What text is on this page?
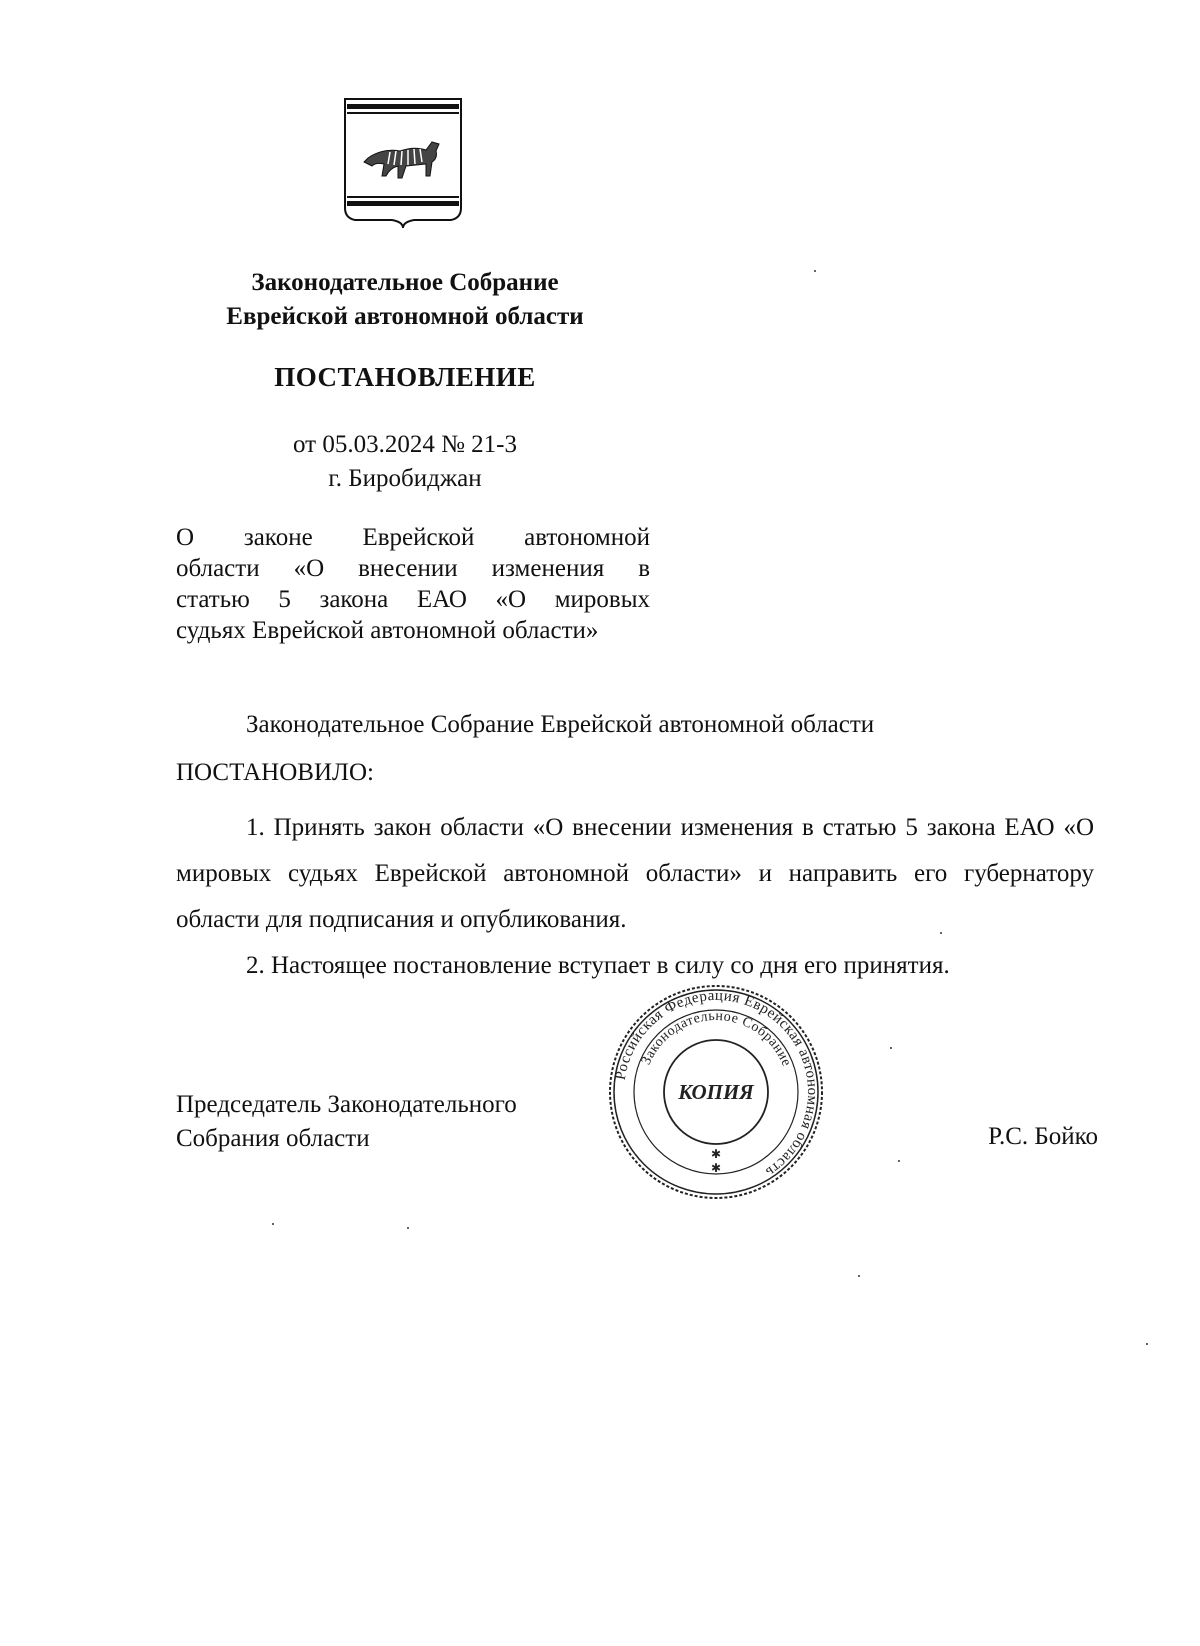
Законодательное Собрание
Еврейской автономной области
ПОСТАНОВЛЕНИЕ
от 05.03.2024 № 21-3
г. Биробиджан
О законе Еврейской автономной
области «О внесении изменения в
статью 5 закона ЕАО «О мировых
судьях Еврейской автономной области»
Законодательное Собрание Еврейской автономной области
ПОСТАНОВИЛО:
1. Принять закон области «О внесении изменения в статью 5 закона ЕАО «О мировых судьях Еврейской автономной области» и направить его губернатору области для подписания и опубликования.
2. Настоящее постановление вступает в силу со дня его принятия.
Председатель Законодательного
Собрания области	Р.С. Бойко
Российская Федерация Еврейская автономная область
Законодательное Собрание
КОПИЯ
✱
✱
